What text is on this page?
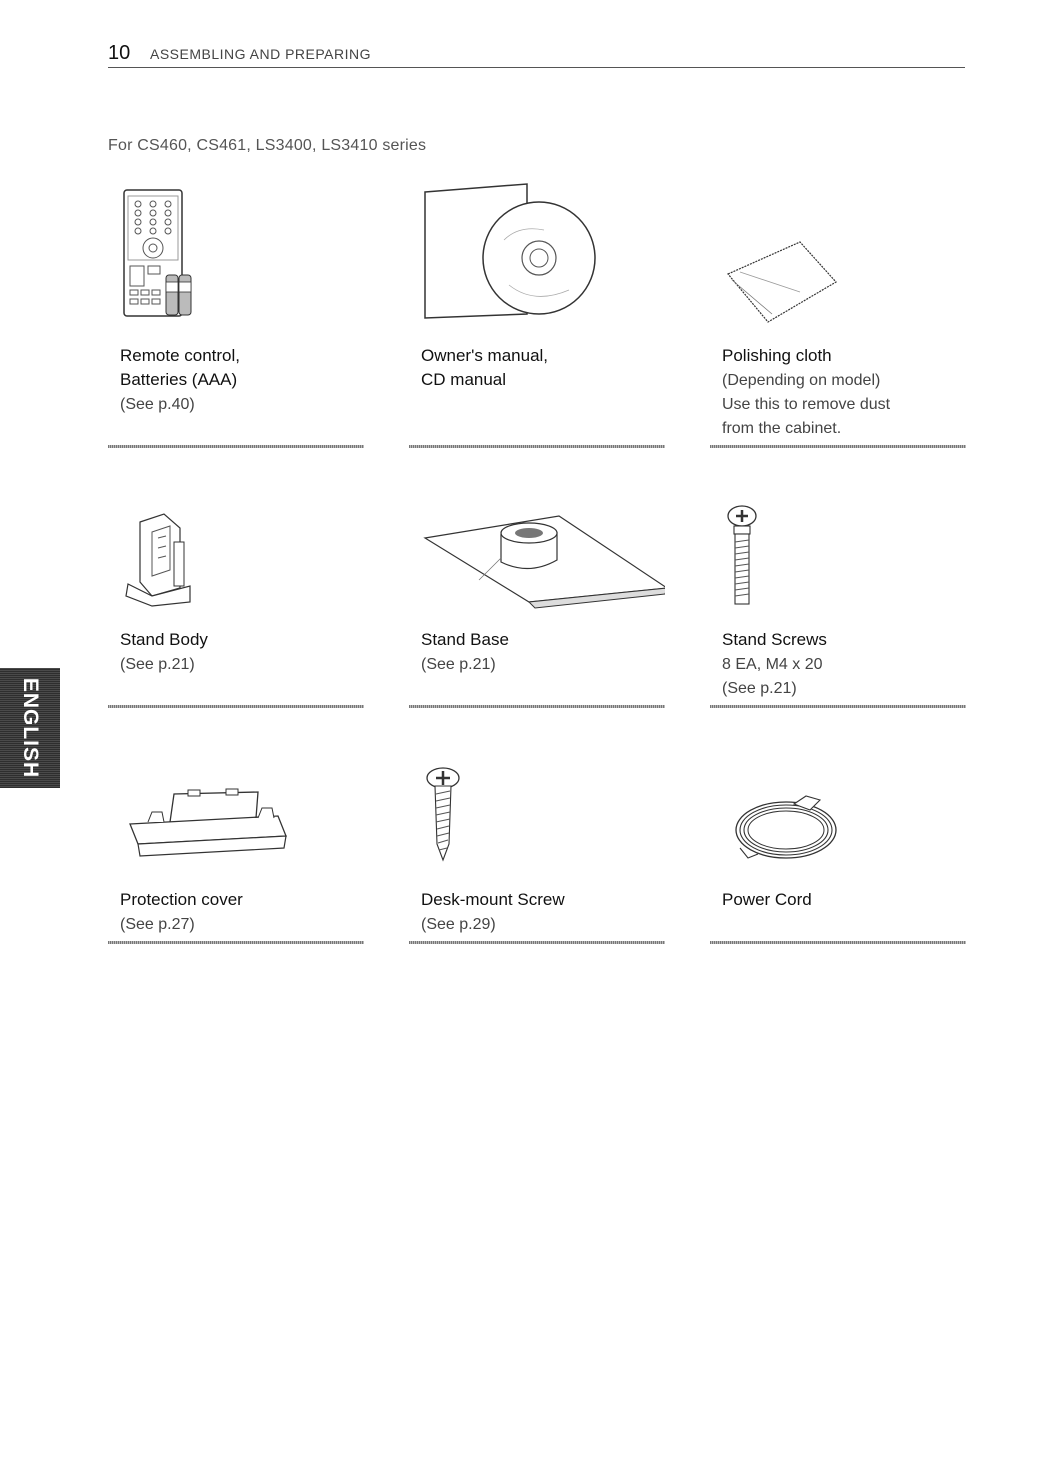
10 ASSEMBLING AND PREPARING
For CS460, CS461, LS3400, LS3410 series
ENGLISH
Remote control,
Batteries (AAA)
(See p.40)
Owner's manual,
CD manual
Polishing cloth
(Depending on model)
Use this to remove dust
from the cabinet.
Stand Body
(See p.21)
Stand Base
(See p.21)
Stand Screws
8 EA, M4 x 20
(See p.21)
Protection cover
(See p.27)
Desk-mount Screw
(See p.29)
Power Cord
